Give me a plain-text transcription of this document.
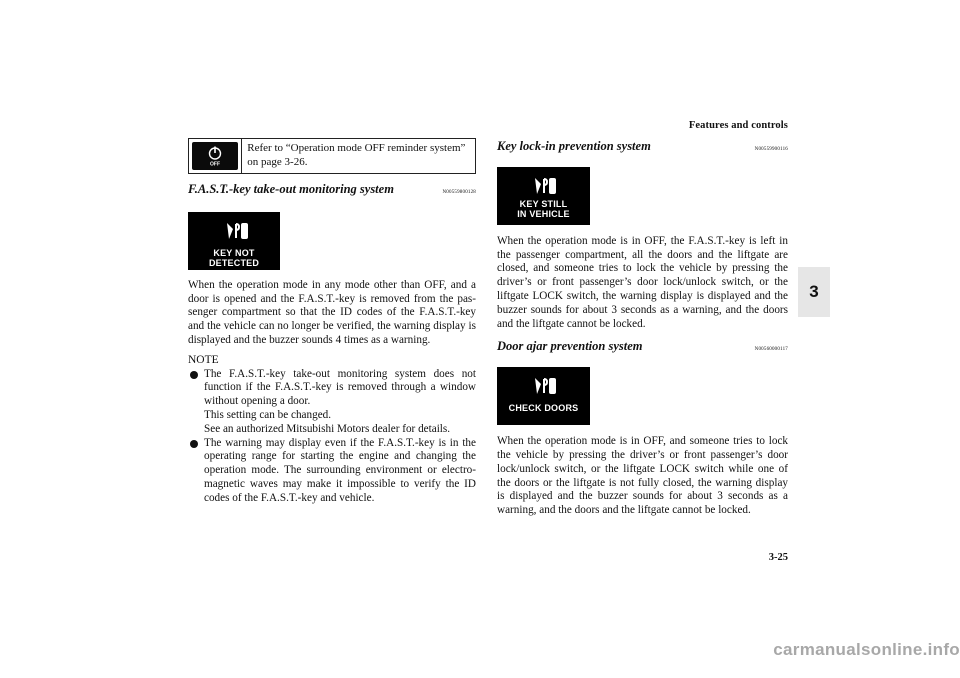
Features and controls
3
3-25
OFF
Refer to “Operation mode OFF reminder system” on page 3-26.
F.A.S.T.-key take-out monitoring system	N00559800128
KEY NOT DETECTED

When the operation mode in any mode other than OFF, and a door is opened and the F.A.S.T.-key is removed from the pas-senger compartment so that the ID codes of the F.A.S.T.-key and the vehicle can no longer be verified, the warning display is displayed and the buzzer sounds 4 times as a warning.

NOTE
The F.A.S.T.-key take-out monitoring system does not function if the F.A.S.T.-key is removed through a window without opening a door.
This setting can be changed.
See an authorized Mitsubishi Motors dealer for details.
The warning may display even if the F.A.S.T.-key is in the operating range for starting the engine and changing the operation mode. The surrounding environment or electro-magnetic waves may make it impossible to verify the ID codes of the F.A.S.T.-key and vehicle.
Key lock-in prevention system	N00559900116
KEY STILL
IN VEHICLE

When the operation mode is in OFF, the F.A.S.T.-key is left in the passenger compartment, all the doors and the liftgate are closed, and someone tries to lock the vehicle by pressing the driver’s or front passenger’s door lock/unlock switch, or the liftgate LOCK switch, the warning display is displayed and the buzzer sounds for about 3 seconds as a warning, and the doors and the liftgate cannot be locked.

Door ajar prevention system	N00560000117
CHECK DOORS

When the operation mode is in OFF, and someone tries to lock the vehicle by pressing the driver’s or front passenger’s door lock/unlock switch, or the liftgate LOCK switch while one of the doors or the liftgate is not fully closed, the warning display is displayed and the buzzer sounds for about 3 seconds as a warning, and the doors and the liftgate cannot be locked.

carmanualsonline.info
